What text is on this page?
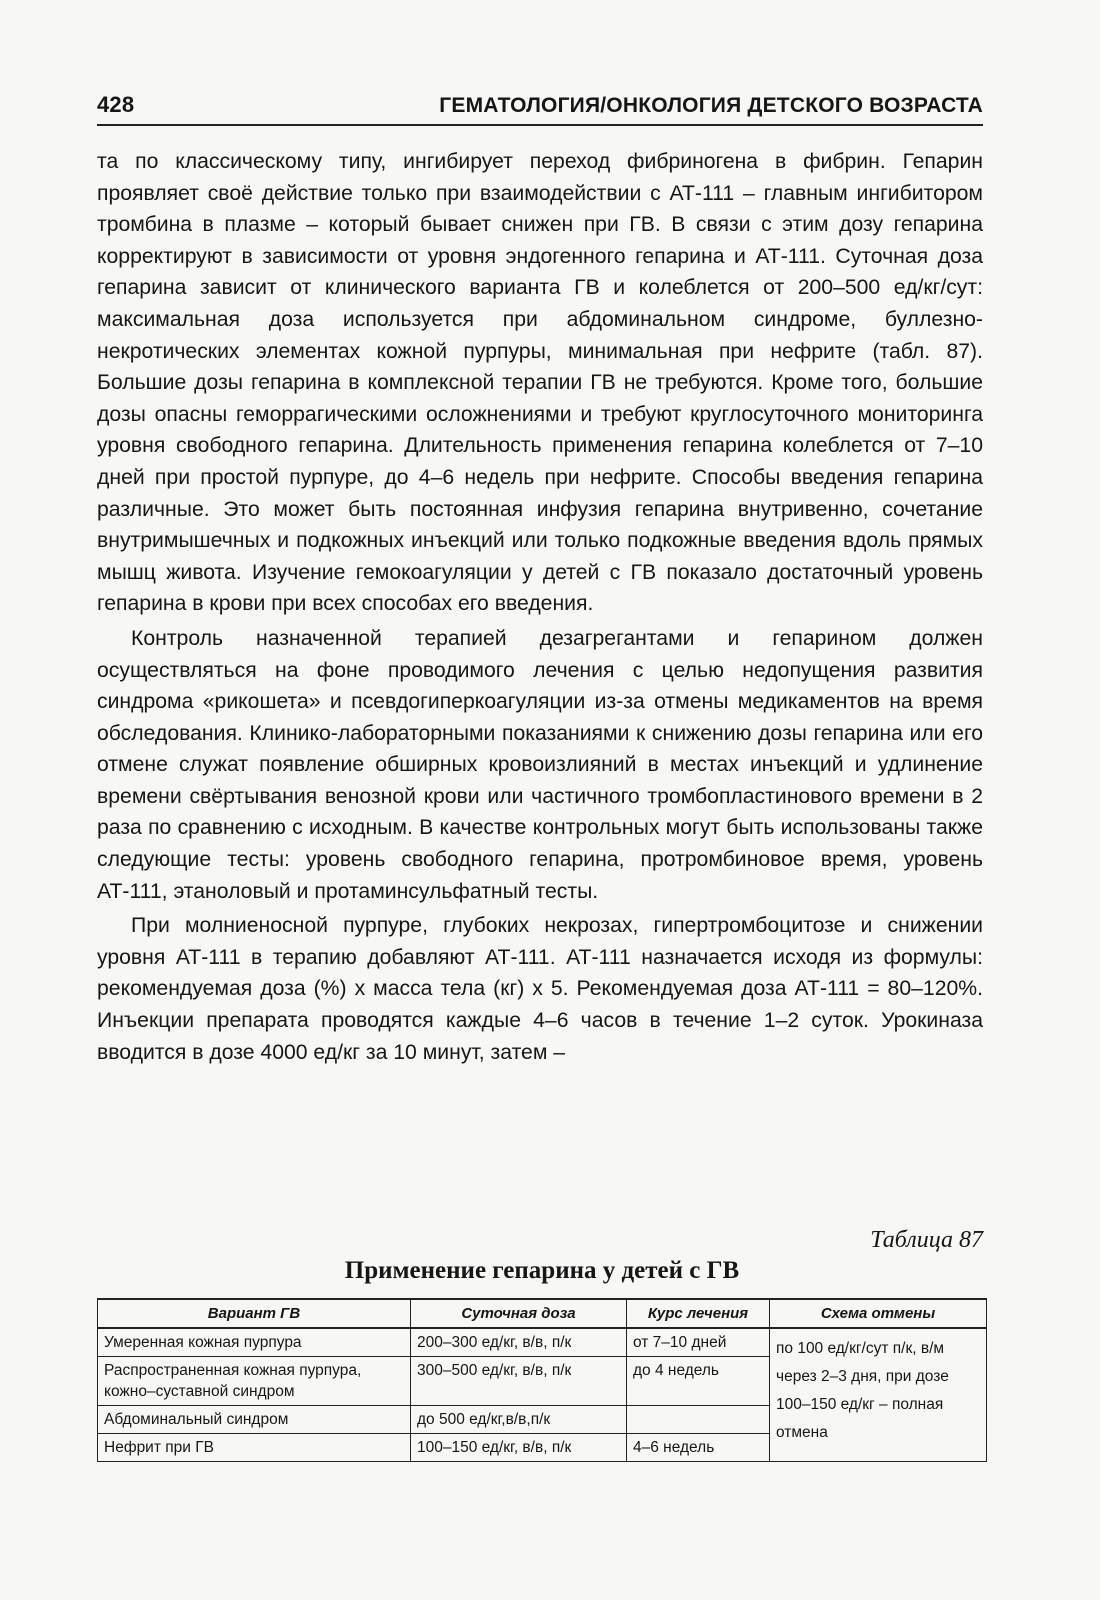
428	ГЕМАТОЛОГИЯ/ОНКОЛОГИЯ ДЕТСКОГО ВОЗРАСТА

та по классическому типу, ингибирует переход фибриногена в фибрин. Гепарин проявляет своё действие только при взаимодействии с АТ-111 – главным ингибитором тромбина в плазме – который бывает снижен при ГВ. В связи с этим дозу гепарина корректируют в зависимости от уровня эндогенного гепарина и АТ-111. Суточная доза гепарина зависит от клинического варианта ГВ и колеблется от 200–500 ед/кг/сут: максимальная доза используется при абдоминальном синдроме, буллезно-некротических элементах кожной пурпуры, минимальная при нефрите (табл. 87). Большие дозы гепарина в комплексной терапии ГВ не требуются. Кроме того, большие дозы опасны геморрагическими осложнениями и требуют круглосуточного мониторинга уровня свободного гепарина. Длительность применения гепарина колеблется от 7–10 дней при простой пурпуре, до 4–6 недель при нефрите. Способы введения гепарина различные. Это может быть постоянная инфузия гепарина внутривенно, сочетание внутримышечных и подкожных инъекций или только подкожные введения вдоль прямых мышц живота. Изучение гемокоагуляции у детей с ГВ показало достаточный уровень гепарина в крови при всех способах его введения.

Контроль назначенной терапией дезагрегантами и гепарином должен осуществляться на фоне проводимого лечения с целью недопущения развития синдрома «рикошета» и псевдогиперкоагуляции из-за отмены медикаментов на время обследования. Клинико-лабораторными показаниями к снижению дозы гепарина или его отмене служат появление обширных кровоизлияний в местах инъекций и удлинение времени свёртывания венозной крови или частичного тромбопластинового времени в 2 раза по сравнению с исходным. В качестве контрольных могут быть использованы также следующие тесты: уровень свободного гепарина, протромбиновое время, уровень АТ-111, этаноловый и протаминсульфатный тесты.

При молниеносной пурпуре, глубоких некрозах, гипертромбоцитозе и снижении уровня АТ-111 в терапию добавляют АТ-111. АТ-111 назначается исходя из формулы: рекомендуемая доза (%) x масса тела (кг) x 5. Рекомендуемая доза АТ-111 = 80–120%. Инъекции препарата проводятся каждые 4–6 часов в течение 1–2 суток. Урокиназа вводится в дозе 4000 ед/кг за 10 минут, затем –

Таблица 87
Применение гепарина у детей с ГВ
Вариант ГВ	Суточная доза	Курс лечения	Схема отмены
Умеренная кожная пурпура	200–300 ед/кг, в/в, п/к	от 7–10 дней	по 100 ед/кг/сут п/к, в/м через 2–3 дня, при дозе 100–150 ед/кг – полная отмена
Распространенная кожная пурпура, кожно–суставной синдром	300–500 ед/кг, в/в, п/к	до 4 недель	
Абдоминальный синдром	до 500 ед/кг,в/в,п/к		
Нефрит при ГВ	100–150 ед/кг, в/в, п/к	4–6 недель	
